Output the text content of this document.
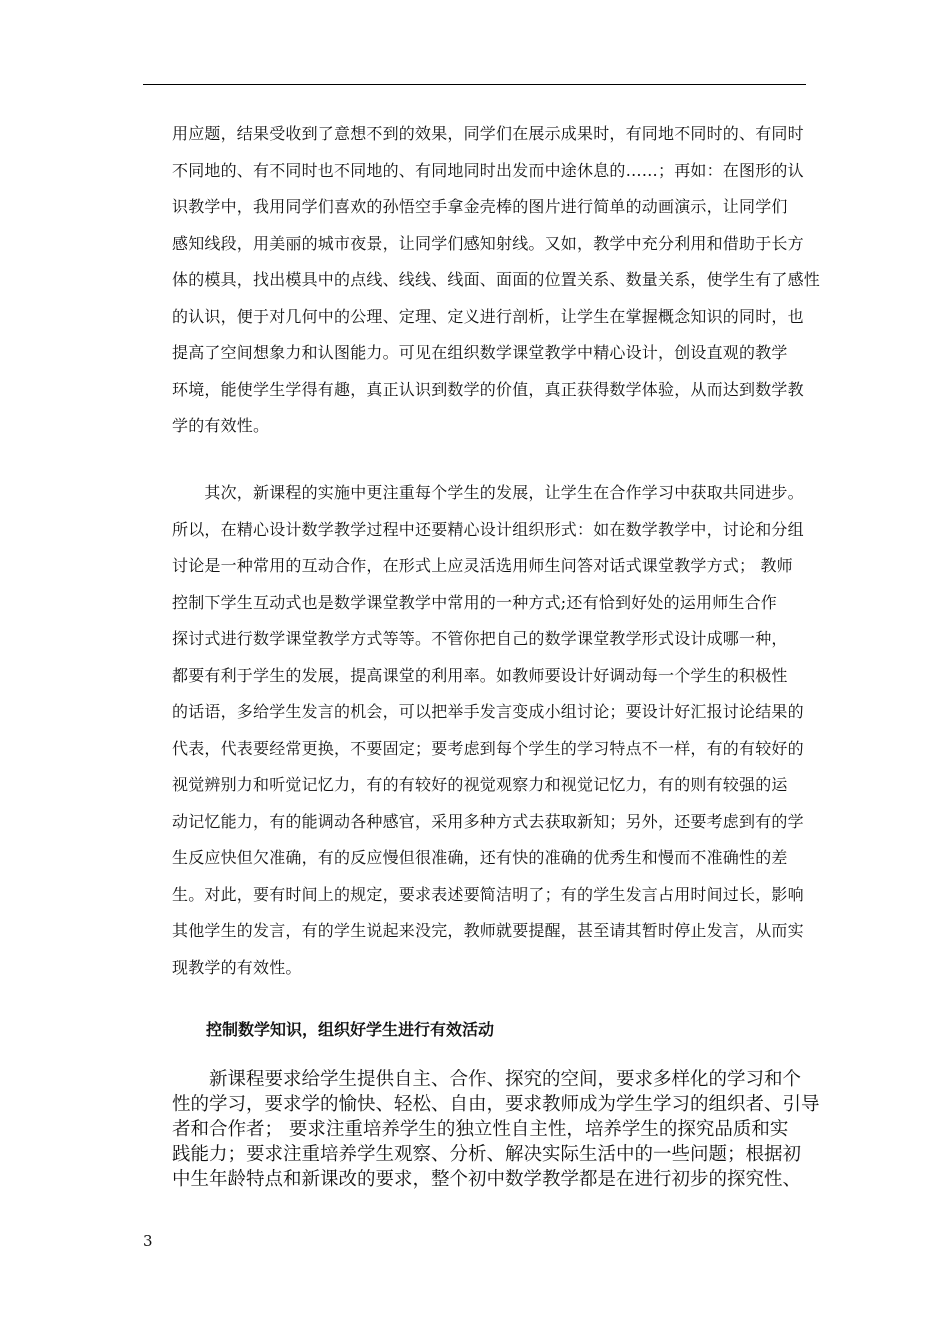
用应题，结果受收到了意想不到的效果，同学们在展示成果时，有同地不同时的、有同时
不同地的、有不同时也不同地的、有同地同时出发而中途休息的……；再如：在图形的认
识教学中，我用同学们喜欢的孙悟空手拿金壳棒的图片进行简单的动画演示，让同学们
感知线段，用美丽的城市夜景，让同学们感知射线。又如，教学中充分利用和借助于长方
体的模具，找出模具中的点线、线线、线面、面面的位置关系、数量关系，使学生有了感性
的认识，便于对几何中的公理、定理、定义进行剖析，让学生在掌握概念知识的同时，也
提高了空间想象力和认图能力。可见在组织数学课堂教学中精心设计，创设直观的教学
环境，能使学生学得有趣，真正认识到数学的价值，真正获得数学体验，从而达到数学教
学的有效性。
　　其次，新课程的实施中更注重每个学生的发展，让学生在合作学习中获取共同进步。
所以，在精心设计数学教学过程中还要精心设计组织形式：如在数学教学中，讨论和分组
讨论是一种常用的互动合作，在形式上应灵活选用师生问答对话式课堂教学方式； 教师
控制下学生互动式也是数学课堂教学中常用的一种方式;还有恰到好处的运用师生合作
探讨式进行数学课堂教学方式等等。不管你把自己的数学课堂教学形式设计成哪一种，
都要有利于学生的发展，提高课堂的利用率。如教师要设计好调动每一个学生的积极性
的话语，多给学生发言的机会，可以把举手发言变成小组讨论；要设计好汇报讨论结果的
代表，代表要经常更换，不要固定；要考虑到每个学生的学习特点不一样，有的有较好的
视觉辨别力和听觉记忆力，有的有较好的视觉观察力和视觉记忆力，有的则有较强的运
动记忆能力，有的能调动各种感官，采用多种方式去获取新知；另外，还要考虑到有的学
生反应快但欠准确，有的反应慢但很准确，还有快的准确的优秀生和慢而不准确性的差
生。对此，要有时间上的规定，要求表述要简洁明了；有的学生发言占用时间过长，影响
其他学生的发言，有的学生说起来没完，教师就要提醒，甚至请其暂时停止发言，从而实
现教学的有效性。
控制数学知识，组织好学生进行有效活动
　　新课程要求给学生提供自主、合作、探究的空间，要求多样化的学习和个
性的学习，要求学的愉快、轻松、自由，要求教师成为学生学习的组织者、引导
者和合作者； 要求注重培养学生的独立性自主性，培养学生的探究品质和实
践能力；要求注重培养学生观察、分析、解决实际生活中的一些问题；根据初
中生年龄特点和新课改的要求，整个初中数学教学都是在进行初步的探究性、
3
